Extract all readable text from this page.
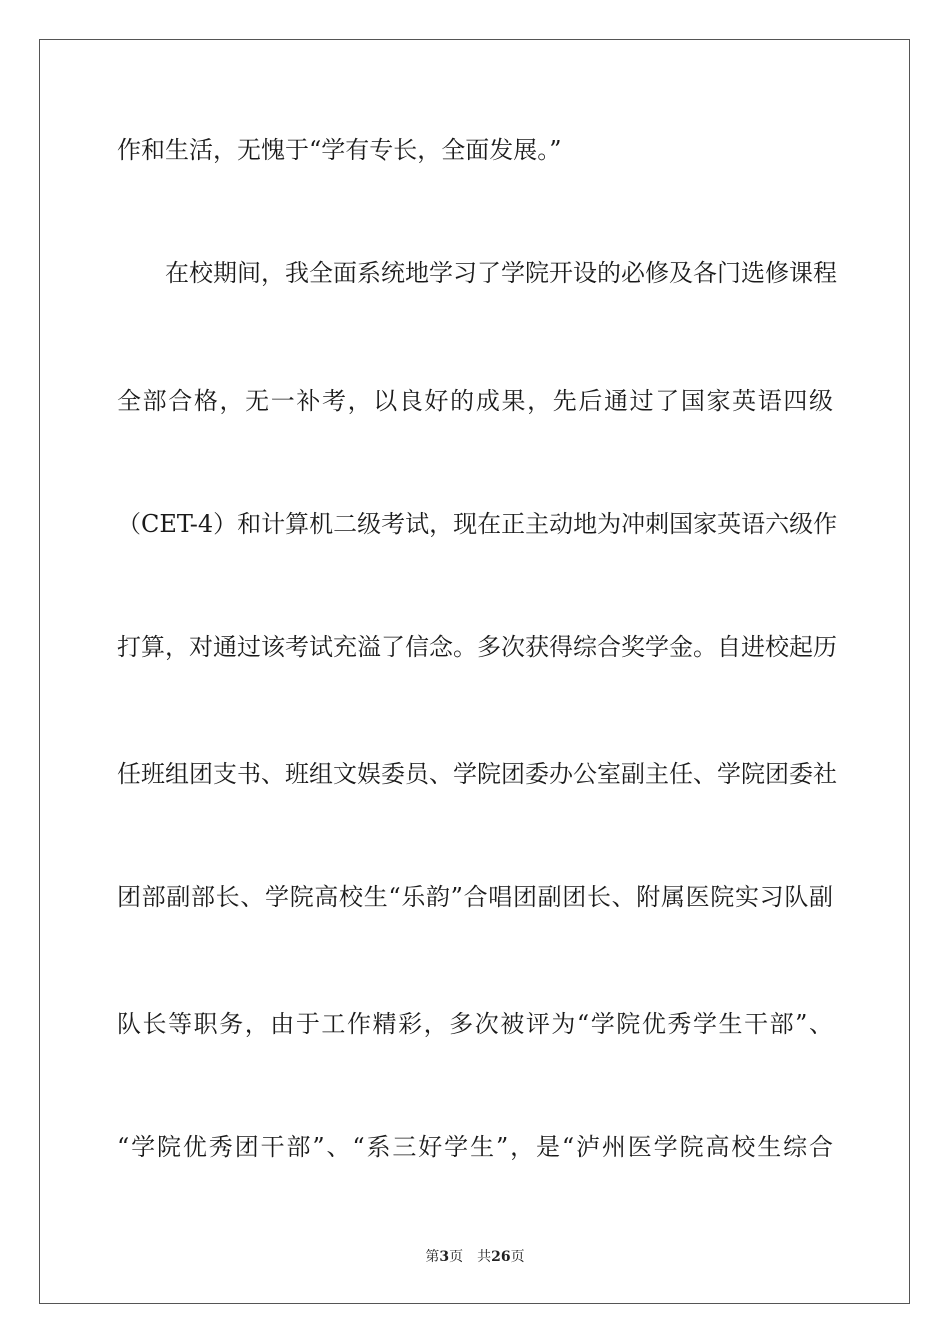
作和生活，无愧于“学有专长，全面发展。”

在校期间，我全面系统地学习了学院开设的必修及各门选修课程

全部合格，无一补考，以良好的成果，先后通过了国家英语四级

（CET-4）和计算机二级考试，现在正主动地为冲刺国家英语六级作

打算，对通过该考试充溢了信念。多次获得综合奖学金。自进校起历

任班组团支书、班组文娱委员、学院团委办公室副主任、学院团委社

团部副部长、学院高校生“乐韵”合唱团副团长、附属医院实习队副

队长等职务，由于工作精彩，多次被评为“学院优秀学生干部”、

“学院优秀团干部”、“系三好学生”，是“泸州医学院高校生综合

第3页 共26页
